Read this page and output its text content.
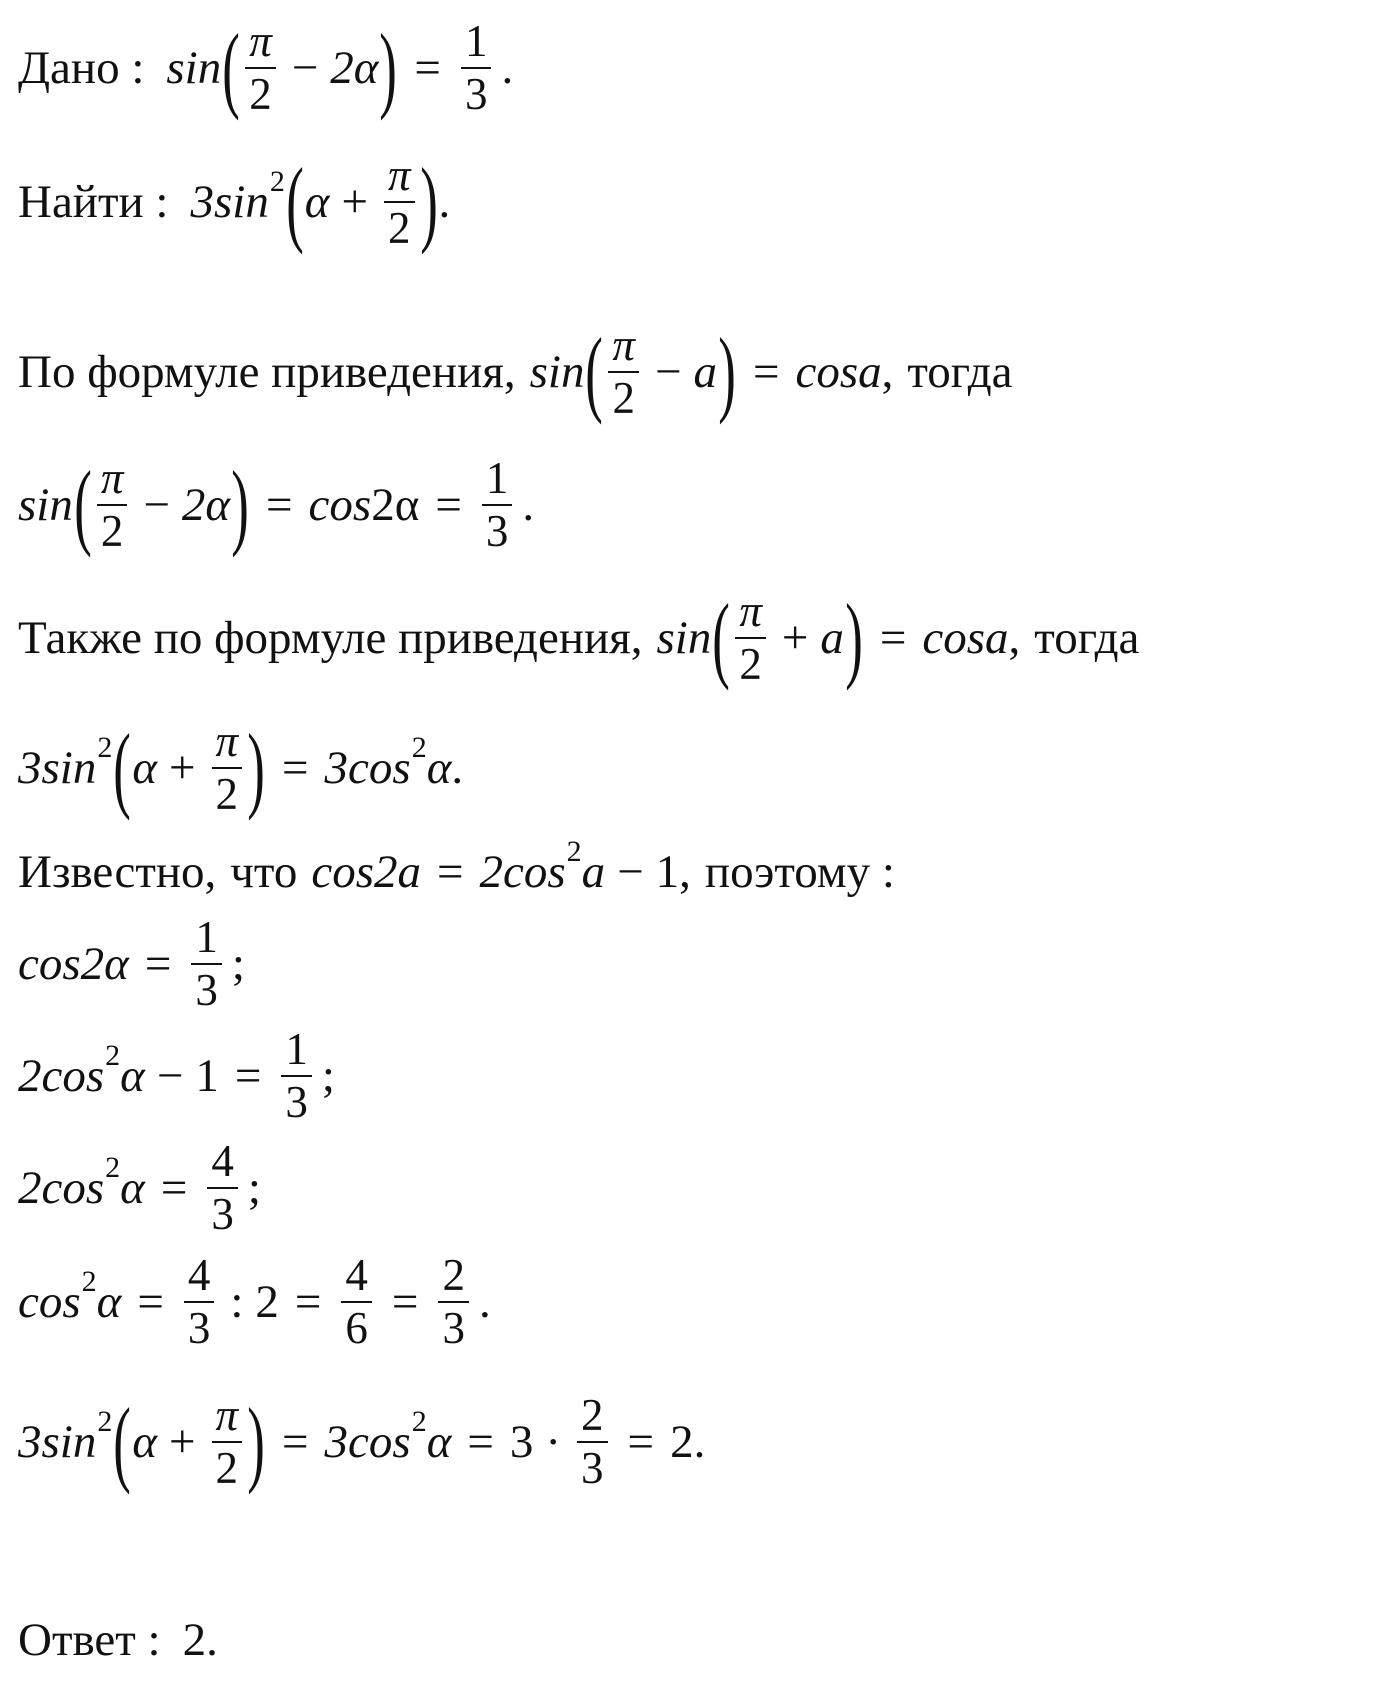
Дано : sin ( $\frac{\pi}{2} - 2\alpha$ ) = $\frac{1}{3}$ .
Найти : 3sin 2 ( $\alpha + \frac{\pi}{2}$ ) .
По формуле приведения, sin ( $\frac{\pi}{2} - a$ ) = cosa , тогда
sin ( $\frac{\pi}{2} - 2\alpha$ ) = $\cos 2\alpha = \frac{1}{3}$ .
Также по формуле приведения, sin ( $\frac{\pi}{2} + a$ ) = cosa , тогда
3sin 2 ( $\alpha + \frac{\pi}{2}$ ) = 3cos 2 α .
Известно, что cos 2a = 2cos 2 a − 1, поэтому :
$\cos 2\alpha = \frac{1}{3}$ ;
2cos 2 $\alpha - 1 = \frac{1}{3}$ ;
2cos 2 $\alpha = \frac{4}{3}$ ;
cos 2 $\alpha = \frac{4}{3}$ : $2 = \frac{4}{6} = \frac{2}{3}$ .
3sin 2 ( $\alpha + \frac{\pi}{2}$ ) = 3cos 2 $\alpha = 3 \cdot \frac{2}{3} = 2$ .
Ответ : 2.
